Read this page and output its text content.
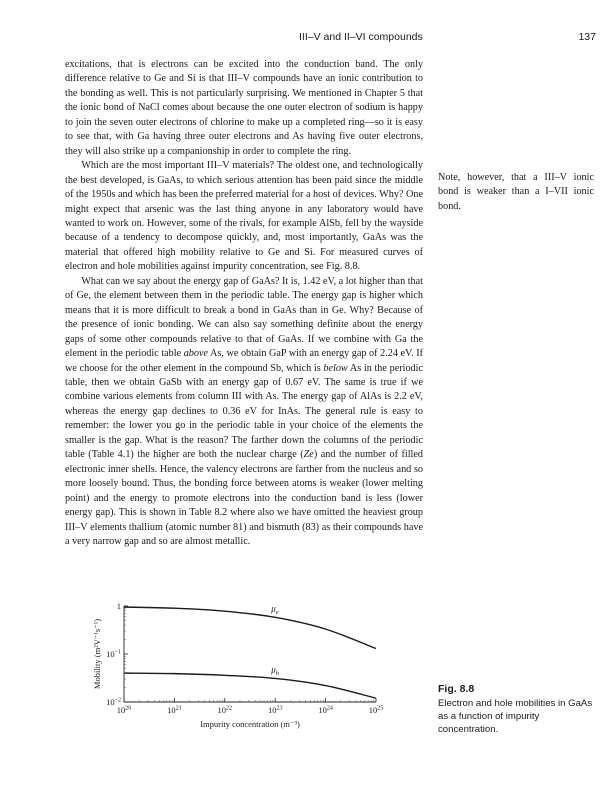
III–V and II–VI compounds	137

excitations, that is electrons can be excited into the conduction band. The only difference relative to Ge and Si is that III–V compounds have an ionic contribution to the bonding as well. This is not particularly surprising. We mentioned in Chapter 5 that the ionic bond of NaCl comes about because the one outer electron of sodium is happy to join the seven outer electrons of chlorine to make up a completed ring—so it is easy to see that, with Ga having three outer electrons and As having five outer electrons, they will also strike up a companionship in order to complete the ring.

Which are the most important III–V materials? The oldest one, and technologically the best developed, is GaAs, to which serious attention has been paid since the middle of the 1950s and which has been the preferred material for a host of devices. Why? One might expect that arsenic was the last thing anyone in any laboratory would have wanted to work on. However, some of the rivals, for example AlSb, fell by the wayside because of a tendency to decompose quickly, and, most importantly, GaAs was the material that offered high mobility relative to Ge and Si. For measured curves of electron and hole mobilities against impurity concentration, see Fig. 8.8.

What can we say about the energy gap of GaAs? It is, 1.42 eV, a lot higher than that of Ge, the element between them in the periodic table. The energy gap is higher which means that it is more difficult to break a bond in GaAs than in Ge. Why? Because of the presence of ionic bonding. We can also say something definite about the energy gaps of some other compounds relative to that of GaAs. If we combine with Ga the element in the periodic table above As, we obtain GaP with an energy gap of 2.24 eV. If we choose for the other element in the compound Sb, which is below As in the periodic table, then we obtain GaSb with an energy gap of 0.67 eV. The same is true if we combine various elements from column III with As. The energy gap of AlAs is 2.2 eV, whereas the energy gap declines to 0.36 eV for InAs. The general rule is easy to remember: the lower you go in the periodic table in your choice of the elements the smaller is the gap. What is the reason? The farther down the columns of the periodic table (Table 4.1) the higher are both the nuclear charge (Ze) and the number of filled electronic inner shells. Hence, the valency electrons are farther from the nucleus and so more loosely bound. Thus, the bonding force between atoms is weaker (lower melting point) and the energy to promote electrons into the conduction band is less (lower energy gap). This is shown in Table 8.2 where also we have omitted the heaviest group III–V elements thallium (atomic number 81) and bismuth (83) as their compounds have a very narrow gap and so are almost metallic.

Note, however, that a III–V ionic bond is weaker than a I–VII ionic bond.
$10^{20}$	$10^{21}$	$10^{22}$	$10^{23}$	$10^{24}$	$10^{25}$
$10^{-2}$
$10^{-1}$
1
Impurity concentration (m⁻³)
Mobility (m²V⁻¹s⁻¹)
$\mu_e$
$\mu_h$
Fig. 8.8
Electron and hole mobilities in GaAs as a function of impurity concentration.
